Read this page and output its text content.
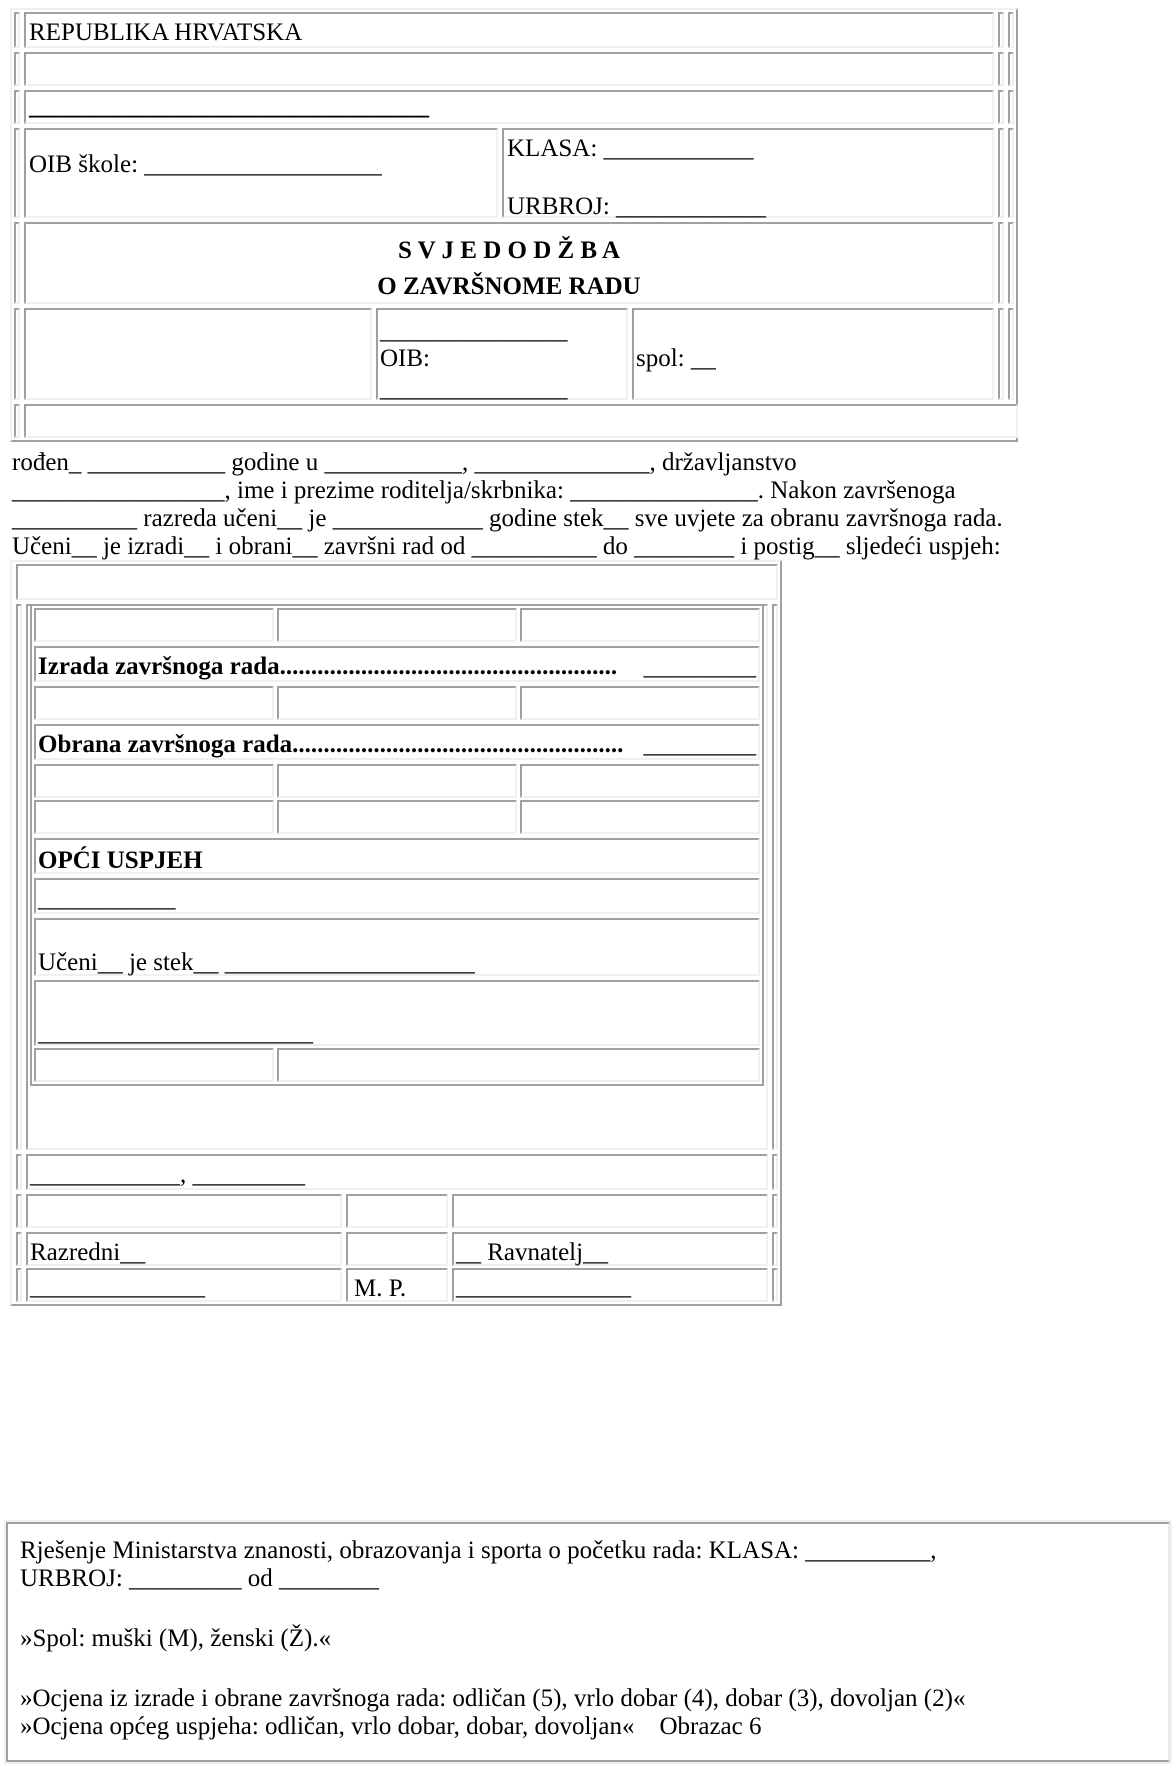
REPUBLIKA HRVATSKA
________________________________
OIB škole: ___________________
KLASA: ____________
URBROJ: ____________
S V J E D O D Ž B A
O ZAVRŠNOME RADU
_______________
OIB:
_______________
spol: __
rođen_ ___________ godine u ___________, ______________, državljanstvo
_________________, ime i prezime roditelja/skrbnika: _______________. Nakon završenoga
__________ razreda učeni__ je ____________ godine stek__ sve uvjete za obranu završnoga rada.
Učeni__ je izradi__ i obrani__ završni rad od __________ do ________ i postig__ sljedeći uspjeh:
Izrada završnoga rada...................................................... _________
Obrana završnoga rada..................................................... _________
OPĆI USPJEH
___________
Učeni__ je stek__ ____________________
______________________
____________, _________
Razredni__	__ Ravnatelj__
______________	M. P. ______________
Rješenje Ministarstva znanosti, obrazovanja i sporta o početku rada: KLASA: __________,
URBROJ: _________ od ________
»Spol: muški (M), ženski (Ž).«
»Ocjena iz izrade i obrane završnoga rada: odličan (5), vrlo dobar (4), dobar (3), dovoljan (2)«
»Ocjena općeg uspjeha: odličan, vrlo dobar, dobar, dovoljan«    Obrazac 6
